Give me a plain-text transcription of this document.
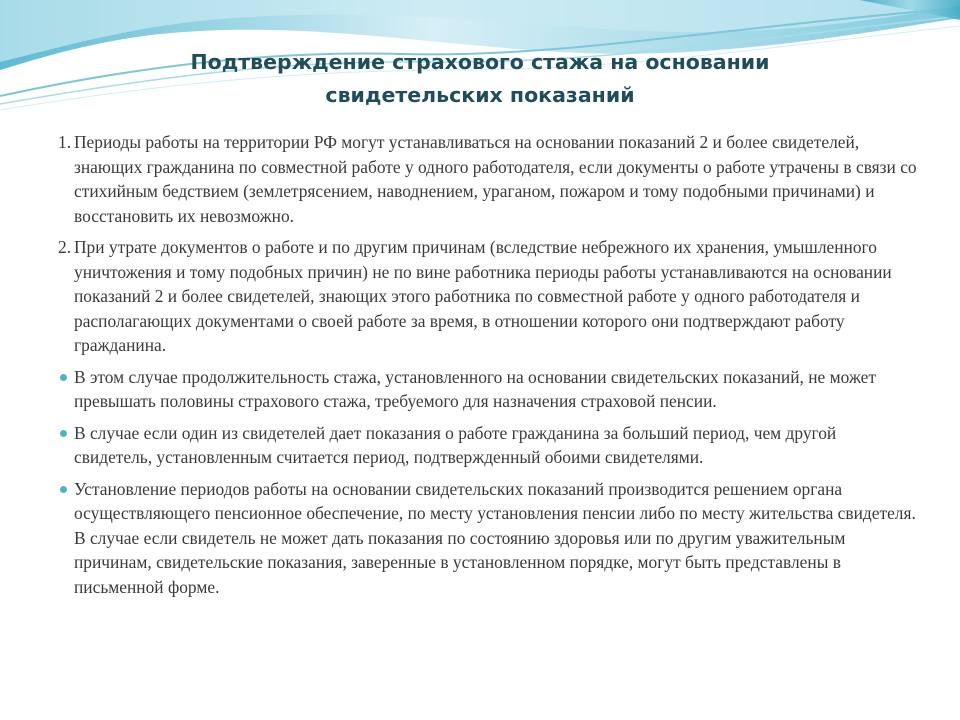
Подтверждение страхового стажа на основании
свидетельских показаний
1. Периоды работы на территории РФ могут устанавливаться на основании показаний 2 и более свидетелей, знающих гражданина по совместной работе у одного работодателя, если документы о работе утрачены в связи со стихийным бедствием (землетрясением, наводнением, ураганом, пожаром и тому подобными причинами) и восстановить их невозможно.
2. При утрате документов о работе и по другим причинам (вследствие небрежного их хранения, умышленного уничтожения и тому подобных причин) не по вине работника периоды работы устанавливаются на основании показаний 2 и более свидетелей, знающих этого работника по совместной работе у одного работодателя и располагающих документами о своей работе за время, в отношении которого они подтверждают работу гражданина.
В этом случае продолжительность стажа, установленного на основании свидетельских показаний, не может превышать половины страхового стажа, требуемого для назначения страховой пенсии.
В случае если один из свидетелей дает показания о работе гражданина за больший период, чем другой свидетель, установленным считается период, подтвержденный обоими свидетелями.
Установление периодов работы на основании свидетельских показаний производится решением органа осуществляющего пенсионное обеспечение, по месту установления пенсии либо по месту жительства свидетеля. В случае если свидетель не может дать показания по состоянию здоровья или по другим уважительным причинам, свидетельские показания, заверенные в установленном порядке, могут быть представлены в письменной форме.
